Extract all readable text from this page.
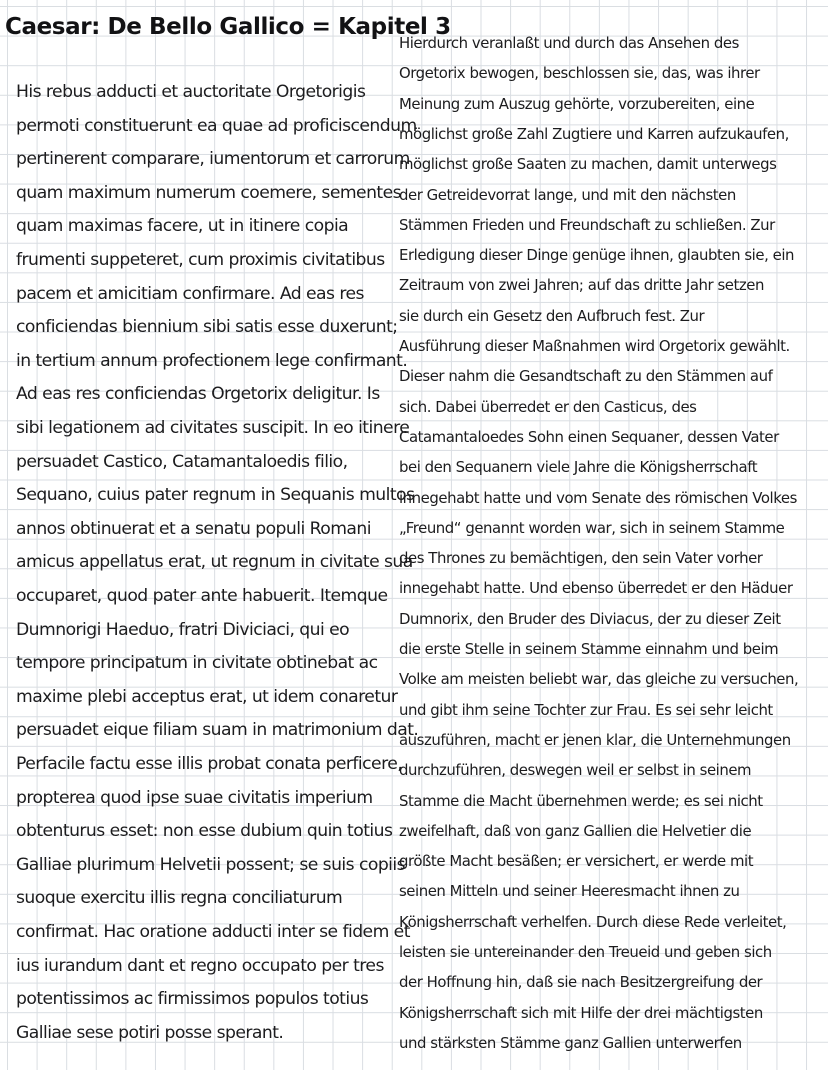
Caesar: De Bello Gallico = Kapitel 3
His rebus adducti et auctoritate Orgetorigis
permoti constituerunt ea quae ad proficiscendum
pertinerent comparare, iumentorum et carrorum
quam maximum numerum coemere, sementes
quam maximas facere, ut in itinere copia
frumenti suppeteret, cum proximis civitatibus
pacem et amicitiam confirmare. Ad eas res
conficiendas biennium sibi satis esse duxerunt;
in tertium annum profectionem lege confirmant.
Ad eas res conficiendas Orgetorix deligitur. Is
sibi legationem ad civitates suscipit. In eo itinere
persuadet Castico, Catamantaloedis filio,
Sequano, cuius pater regnum in Sequanis multos
annos obtinuerat et a senatu populi Romani
amicus appellatus erat, ut regnum in civitate sua
occuparet, quod pater ante habuerit. Itemque
Dumnorigi Haeduo, fratri Diviciaci, qui eo
tempore principatum in civitate obtinebat ac
maxime plebi acceptus erat, ut idem conaretur
persuadet eique filiam suam in matrimonium dat.
Perfacile factu esse illis probat conata perficere,
propterea quod ipse suae civitatis imperium
obtenturus esset: non esse dubium quin totius
Galliae plurimum Helvetii possent; se suis copiis
suoque exercitu illis regna conciliaturum
confirmat. Hac oratione adducti inter se fidem et
ius iurandum dant et regno occupato per tres
potentissimos ac firmissimos populos totius
Galliae sese potiri posse sperant.
Hierdurch veranlaßt und durch das Ansehen des
Orgetorix bewogen, beschlossen sie, das, was ihrer
Meinung zum Auszug gehörte, vorzubereiten, eine
möglichst große Zahl Zugtiere und Karren aufzukaufen,
möglichst große Saaten zu machen, damit unterwegs
der Getreidevorrat lange, und mit den nächsten
Stämmen Frieden und Freundschaft zu schließen. Zur
Erledigung dieser Dinge genüge ihnen, glaubten sie, ein
Zeitraum von zwei Jahren; auf das dritte Jahr setzen
sie durch ein Gesetz den Aufbruch fest. Zur
Ausführung dieser Maßnahmen wird Orgetorix gewählt.
Dieser nahm die Gesandtschaft zu den Stämmen auf
sich. Dabei überredet er den Casticus, des
Catamantaloedes Sohn einen Sequaner, dessen Vater
bei den Sequanern viele Jahre die Königsherrschaft
innegehabt hatte und vom Senate des römischen Volkes
„Freund“ genannt worden war, sich in seinem Stamme
des Thrones zu bemächtigen, den sein Vater vorher
innegehabt hatte. Und ebenso überredet er den Häduer
Dumnorix, den Bruder des Diviacus, der zu dieser Zeit
die erste Stelle in seinem Stamme einnahm und beim
Volke am meisten beliebt war, das gleiche zu versuchen,
und gibt ihm seine Tochter zur Frau. Es sei sehr leicht
auszuführen, macht er jenen klar, die Unternehmungen
durchzuführen, deswegen weil er selbst in seinem
Stamme die Macht übernehmen werde; es sei nicht
zweifelhaft, daß von ganz Gallien die Helvetier die
größte Macht besäßen; er versichert, er werde mit
seinen Mitteln und seiner Heeresmacht ihnen zu
Königsherrschaft verhelfen. Durch diese Rede verleitet,
leisten sie untereinander den Treueid und geben sich
der Hoffnung hin, daß sie nach Besitzergreifung der
Königsherrschaft sich mit Hilfe der drei mächtigsten
und stärksten Stämme ganz Gallien unterwerfen
